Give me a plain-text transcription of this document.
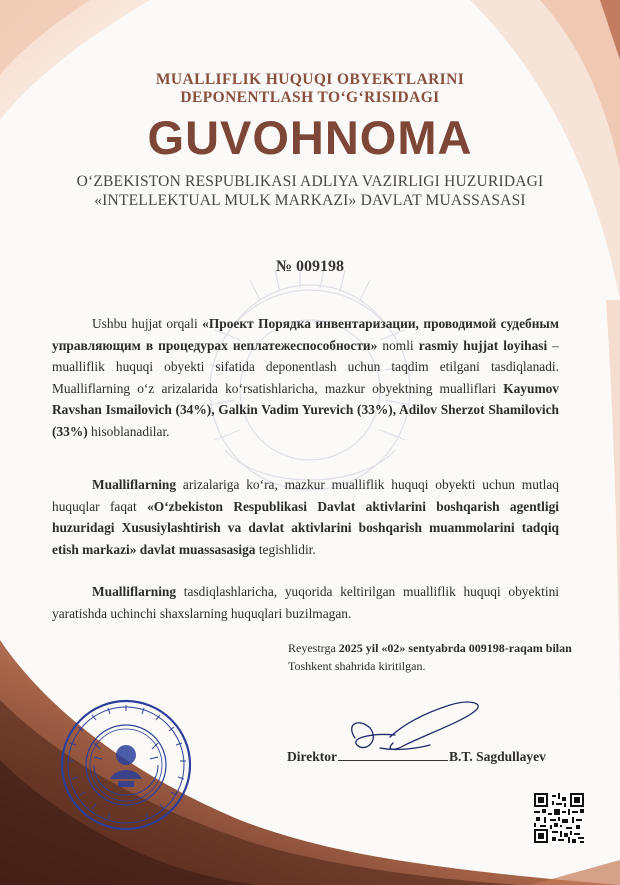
MUALLIFLIK HUQUQI OBYEKTLARINI
DEPONENTLASH TO‘G‘RISIDAGI
GUVOHNOMA
O‘ZBEKISTON RESPUBLIKASI ADLIYA VAZIRLIGI HUZURIDAGI
«INTELLEKTUAL MULK MARKAZI» DAVLAT MUASSASASI
№ 009198
Ushbu hujjat orqali «Проект Порядка инвентаризации, проводимой судебным управляющим в процедурах неплатежеспособности» nomli rasmiy hujjat loyihasi – mualliflik huquqi obyekti sifatida deponentlash uchun taqdim etilgani tasdiqlanadi. Mualliflarning o‘z arizalarida ko‘rsatishlaricha, mazkur obyektning mualliflari Kayumov Ravshan Ismailovich (34%), Galkin Vadim Yurevich (33%), Adilov Sherzot Shamilovich (33%) hisoblanadilar.
Mualliflarning arizalariga ko‘ra, mazkur mualliflik huquqi obyekti uchun mutlaq huquqlar faqat «O‘zbekiston Respublikasi Davlat aktivlarini boshqarish agentligi huzuridagi Xususiylashtirish va davlat aktivlarini boshqarish muammolarini tadqiq etish markazi» davlat muassasasiga tegishlidir.
Mualliflarning tasdiqlashlaricha, yuqorida keltirilgan mualliflik huquqi obyektini yaratishda uchinchi shaxslarning huquqlari buzilmagan.
Reyestrga 2025 yil «02» sentyabrda 009198-raqam bilan Toshkent shahrida kiritilgan.
Direktor	B.T. Sagdullayev
